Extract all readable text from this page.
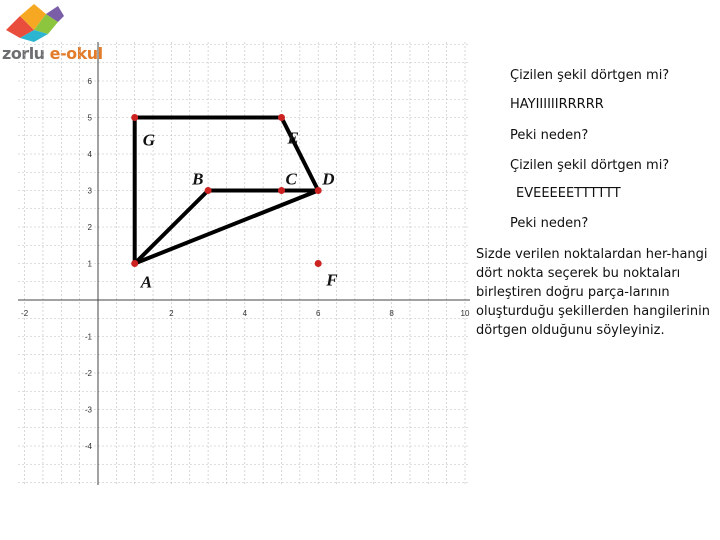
zorlu e-okul
-2	2	4	6	8	10
6
5
4
3
2
1
-1
-2
-3
-4
G	E
B	C D
A	F
Çizilen şekil dörtgen mi?
HAYIIIIIIRRRRR
Peki neden?
Çizilen şekil dörtgen mi?
EVEEEEETTTTTT
Peki neden?
Sizde verilen noktalardan her-hangi dört nokta seçerek bu noktaları birleştiren doğru parça-larının oluşturduğu şekillerden hangilerinin dörtgen olduğunu söyleyiniz.
